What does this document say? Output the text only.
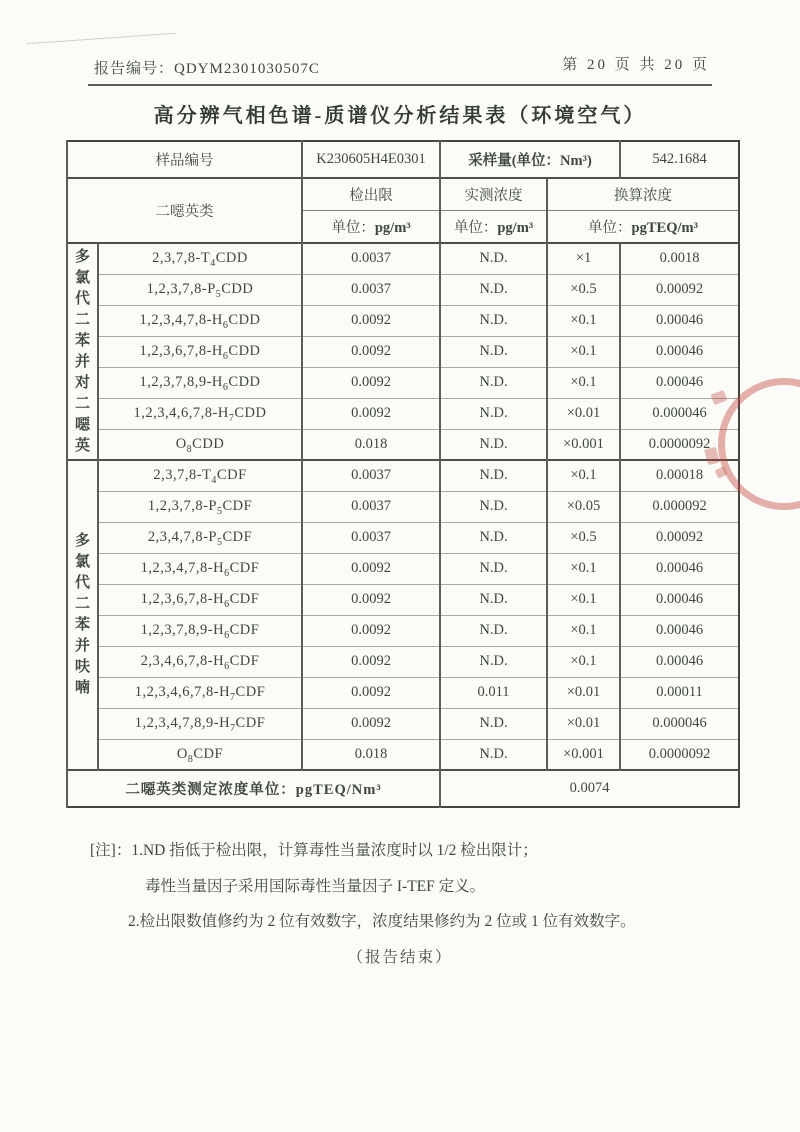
报告编号：QDYM2301030507C	第 20 页 共 20 页
高分辨气相色谱-质谱仪分析结果表（环境空气）
样品编号		K230605H4E0301	采样量(单位：Nm³)		542.1684
二噁英类		检出限	实测浓度	换算浓度	
		单位：pg/m³	单位：pg/m³	单位：pgTEQ/m³	

多氯代二苯并对二噁英	$2,3,7,8-T_4CDD$	0.0037	N.D.	×1	0.0018
	$1,2,3,7,8-P_5CDD$	0.0037	N.D.	×0.5	0.00092
	$1,2,3,4,7,8-H_6CDD$	0.0092	N.D.	×0.1	0.00046
	$1,2,3,6,7,8-H_6CDD$	0.0092	N.D.	×0.1	0.00046
	$1,2,3,7,8,9-H_6CDD$	0.0092	N.D.	×0.1	0.00046
	$1,2,3,4,6,7,8-H_7CDD$	0.0092	N.D.	×0.01	0.000046
	$O_8CDD$	0.018	N.D.	×0.001	0.0000092

多氯代二苯并呋喃	$2,3,7,8-T_4CDF$	0.0037	N.D.	×0.1	0.00018
	$1,2,3,7,8-P_5CDF$	0.0037	N.D.	×0.05	0.000092
	$2,3,4,7,8-P_5CDF$	0.0037	N.D.	×0.5	0.00092
	$1,2,3,4,7,8-H_6CDF$	0.0092	N.D.	×0.1	0.00046
	$1,2,3,6,7,8-H_6CDF$	0.0092	N.D.	×0.1	0.00046
	$1,2,3,7,8,9-H_6CDF$	0.0092	N.D.	×0.1	0.00046
	$2,3,4,6,7,8-H_6CDF$	0.0092	N.D.	×0.1	0.00046
	$1,2,3,4,6,7,8-H_7CDF$	0.0092	0.011	×0.01	0.00011
	$1,2,3,4,7,8,9-H_7CDF$	0.0092	N.D.	×0.01	0.000046
	$O_8CDF$	0.018	N.D.	×0.001	0.0000092
二噁英类测定浓度单位：pgTEQ/Nm³			0.0074		

[注]：1.ND 指低于检出限，计算毒性当量浓度时以 1/2 检出限计；

毒性当量因子采用国际毒性当量因子 I-TEF 定义。

2.检出限数值修约为 2 位有效数字，浓度结果修约为 2 位或 1 位有效数字。

（报告结束）
